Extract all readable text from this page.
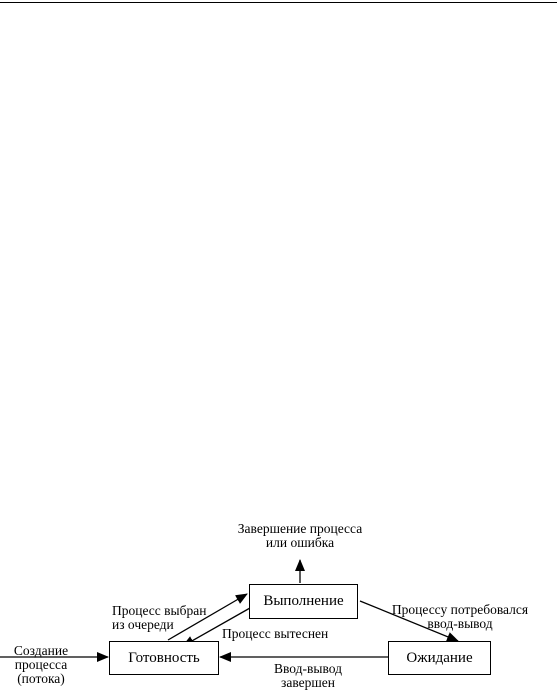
Выполнение
Готовность	Ожидание
Завершение процесса
или ошибка
Процесс выбран
из очереди
Процесс вытеснен
Процессу потребовался
ввод-вывод
Ввод-вывод
завершен
Создание
процесса
(потока)
